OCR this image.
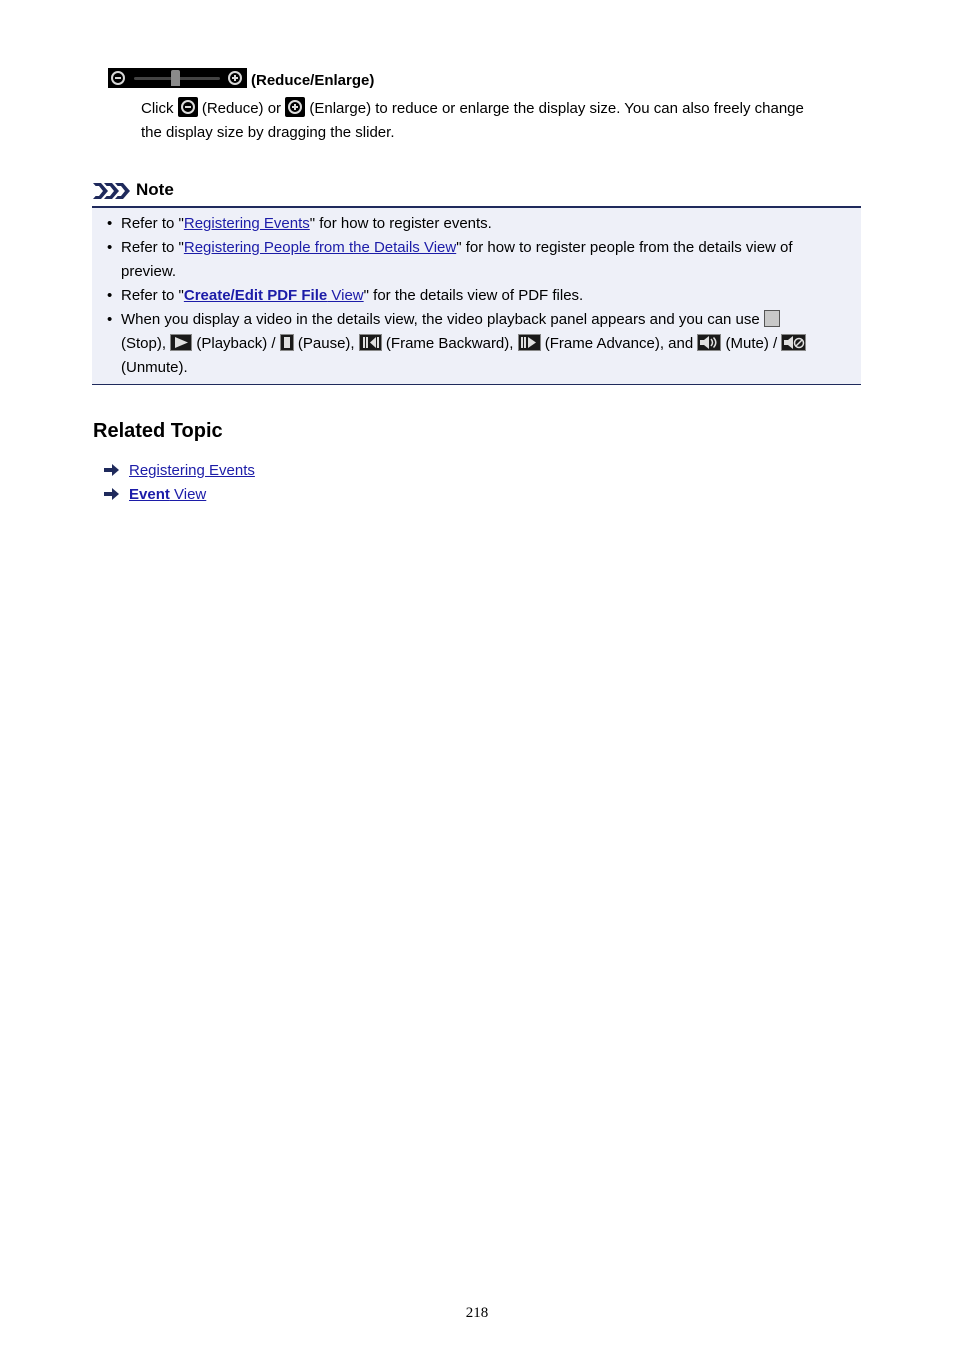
(Reduce/Enlarge)
Click
(Reduce) or
(Enlarge) to reduce or enlarge the display size. You can also freely change
the display size by dragging the slider.
Note
• Refer to "Registering Events" for how to register events.
• Refer to "Registering People from the Details View" for how to register people from the details view of
preview.
• Refer to "Create/Edit PDF File View" for the details view of PDF files.
• When you display a video in the details view, the video playback panel appears and you can use
(Stop),
(Playback) /
(Pause),
(Frame Backward),
(Frame Advance), and
(Mute) /

(Unmute).
Related Topic
Registering Events
Event View
218
